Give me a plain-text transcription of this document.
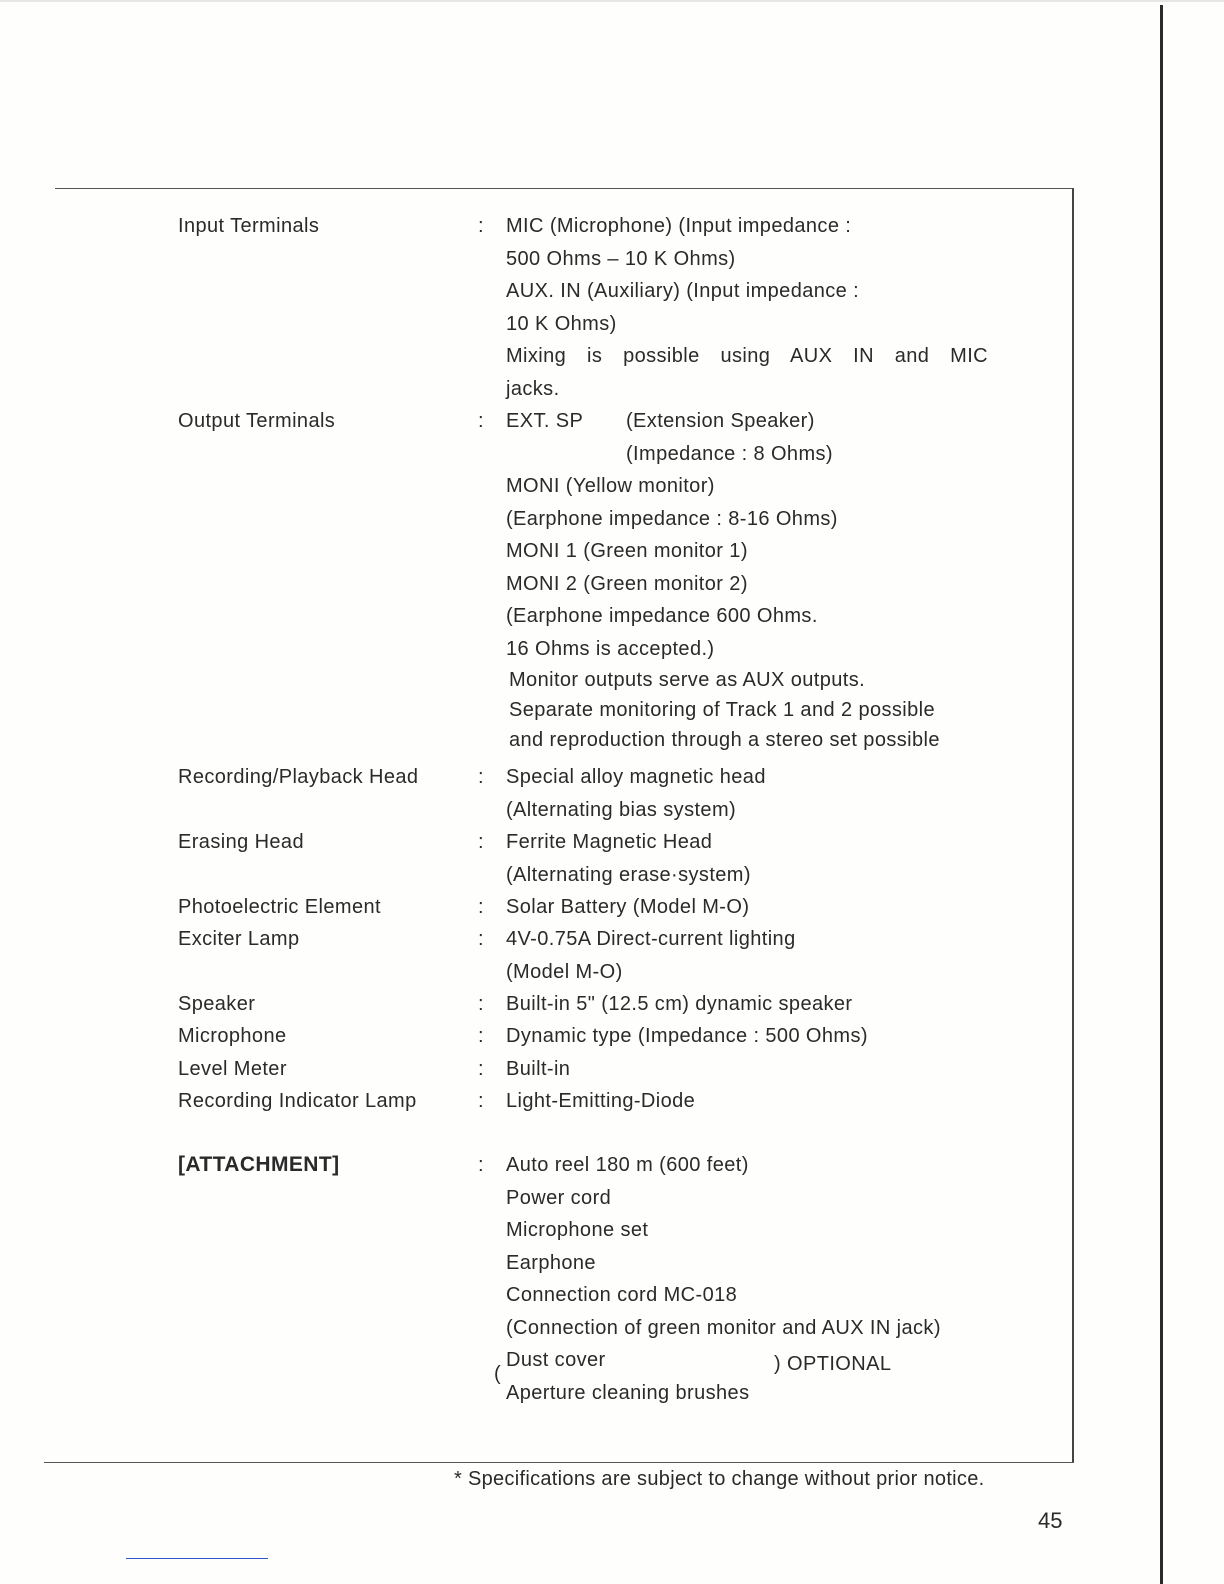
Input Terminals	: MIC (Microphone) (Input impedance :
500 Ohms – 10 K Ohms)
AUX. IN (Auxiliary) (Input impedance :
10 K Ohms)
Mixing is possible using AUX IN and MIC
jacks.
Output Terminals	: EXT. SP (Extension Speaker)
(Impedance : 8 Ohms)
MONI (Yellow monitor)
(Earphone impedance : 8-16 Ohms)
MONI 1 (Green monitor 1)
MONI 2 (Green monitor 2)
(Earphone impedance 600 Ohms.
16 Ohms is accepted.)
Monitor outputs serve as AUX outputs.
Separate monitoring of Track 1 and 2 possible
and reproduction through a stereo set possible
Recording/Playback Head	: Special alloy magnetic head
(Alternating bias system)
Erasing Head	: Ferrite Magnetic Head
(Alternating erase·system)
Photoelectric Element	: Solar Battery (Model M-O)
Exciter Lamp	: 4V-0.75A Direct-current lighting
(Model M-O)
Speaker	: Built-in 5" (12.5 cm) dynamic speaker
Microphone	: Dynamic type (Impedance : 500 Ohms)
Level Meter	: Built-in
Recording Indicator Lamp	: Light-Emitting-Diode
[ATTACHMENT]	: Auto reel 180 m (600 feet)
Power cord
Microphone set
Earphone
Connection cord MC-018
(Connection of green monitor and AUX IN jack)
(
Dust cover
Aperture cleaning brushes
) OPTIONAL
* Specifications are subject to change without prior notice.
45
